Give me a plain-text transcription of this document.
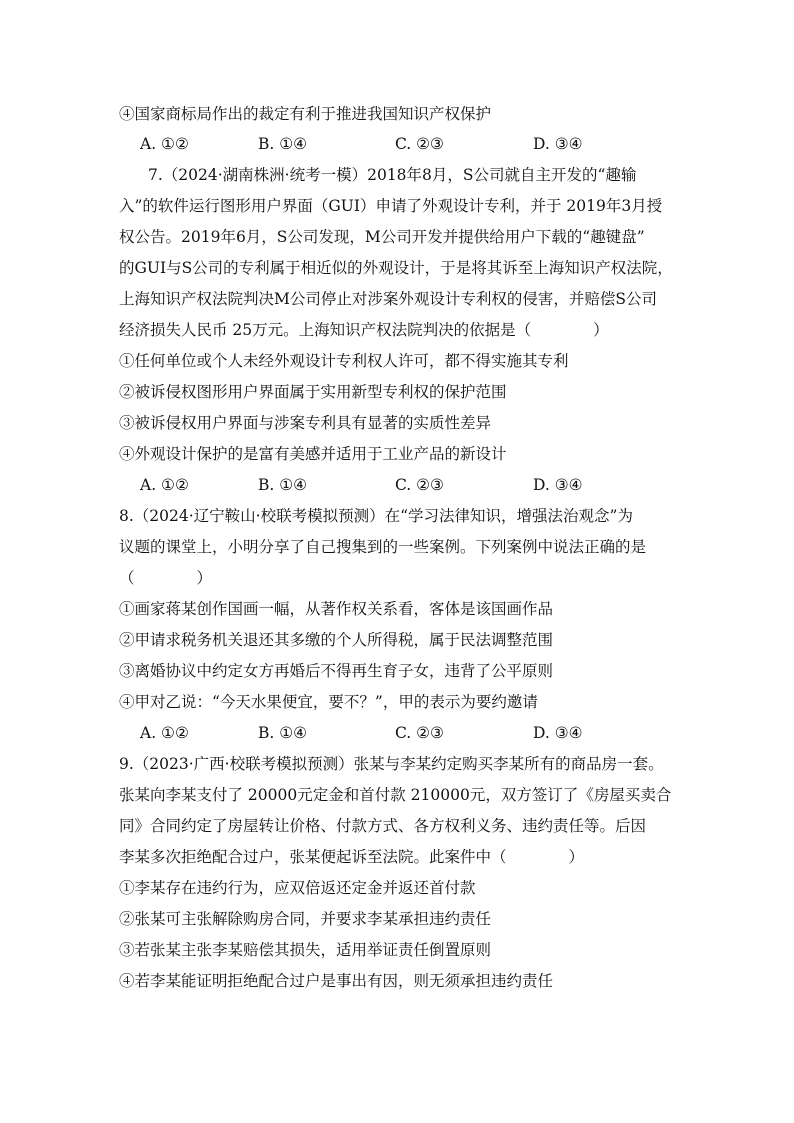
④国家商标局作出的裁定有利于推进我国知识产权保护
A. ①②	B. ①④	C. ②③	D. ③④
7.（2024·湖南株洲·统考一模）2018年8月，S公司就自主开发的“趣输
入”的软件运行图形用户界面（GUI）申请了外观设计专利，并于 2019年3月授
权公告。2019年6月，S公司发现，M公司开发并提供给用户下载的“趣键盘”
的GUI与S公司的专利属于相近似的外观设计，于是将其诉至上海知识产权法院，
上海知识产权法院判决M公司停止对涉案外观设计专利权的侵害，并赔偿S公司
经济损失人民币 25万元。上海知识产权法院判决的依据是（　　　　）
①任何单位或个人未经外观设计专利权人许可，都不得实施其专利
②被诉侵权图形用户界面属于实用新型专利权的保护范围
③被诉侵权用户界面与涉案专利具有显著的实质性差异
④外观设计保护的是富有美感并适用于工业产品的新设计
A. ①②	B. ①④	C. ②③	D. ③④
8.（2024·辽宁鞍山·校联考模拟预测）在“学习法律知识，增强法治观念”为
议题的课堂上，小明分享了自己搜集到的一些案例。下列案例中说法正确的是
（　　　　）
①画家蒋某创作国画一幅，从著作权关系看，客体是该国画作品
②甲请求税务机关退还其多缴的个人所得税，属于民法调整范围
③离婚协议中约定女方再婚后不得再生育子女，违背了公平原则
④甲对乙说：“今天水果便宜，要不？”，甲的表示为要约邀请
A. ①②	B. ①④	C. ②③	D. ③④
9.（2023·广西·校联考模拟预测）张某与李某约定购买李某所有的商品房一套。
张某向李某支付了 20000元定金和首付款 210000元，双方签订了《房屋买卖合
同》合同约定了房屋转让价格、付款方式、各方权利义务、违约责任等。后因
李某多次拒绝配合过户，张某便起诉至法院。此案件中（　　　　）
①李某存在违约行为，应双倍返还定金并返还首付款
②张某可主张解除购房合同，并要求李某承担违约责任
③若张某主张李某赔偿其损失，适用举证责任倒置原则
④若李某能证明拒绝配合过户是事出有因，则无须承担违约责任
